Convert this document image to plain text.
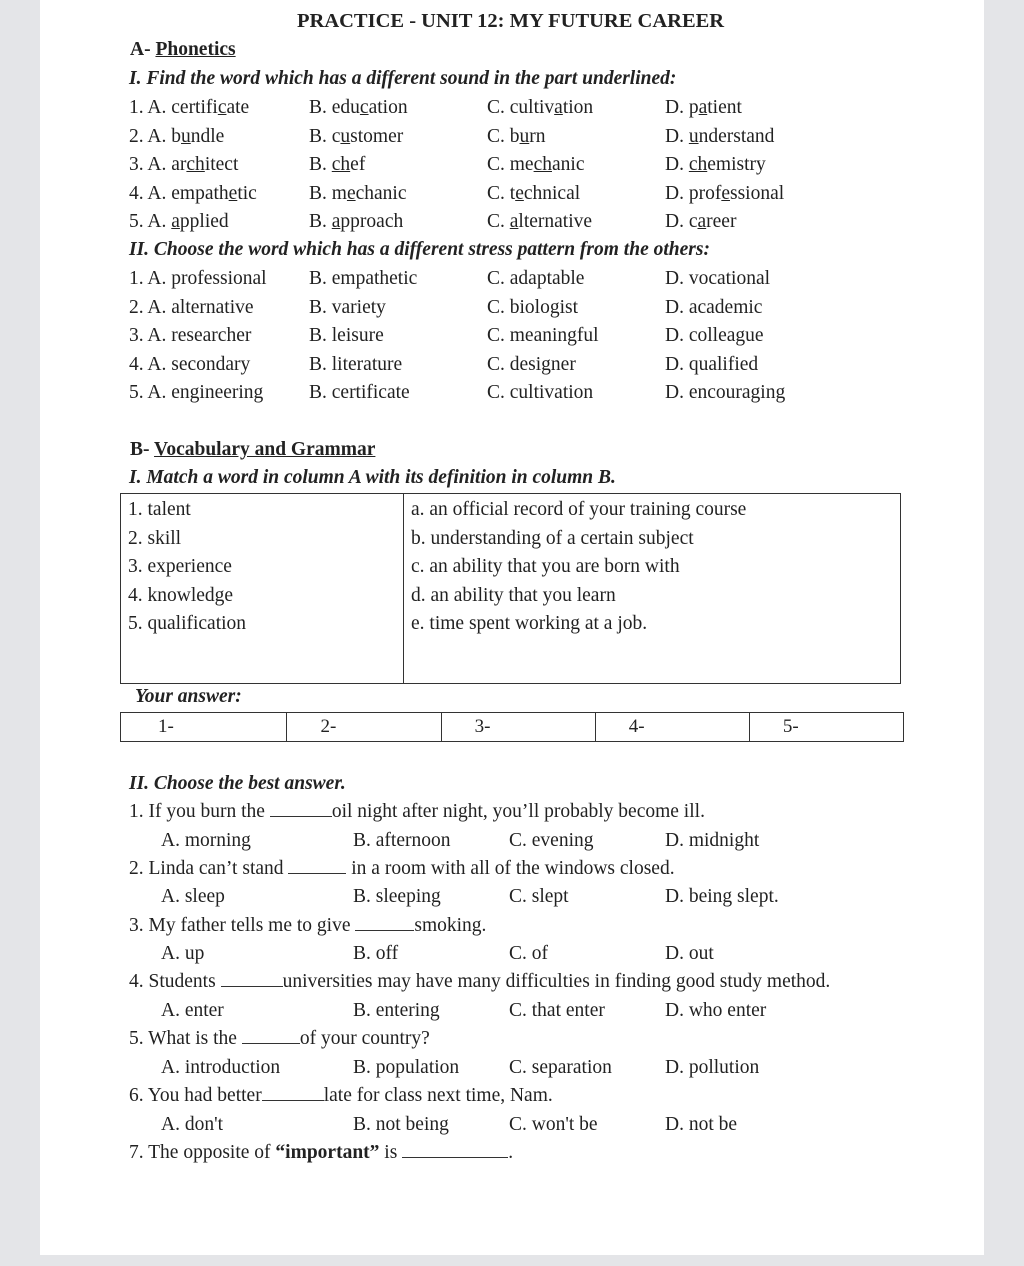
PRACTICE - UNIT 12: MY FUTURE CAREER
A- Phonetics
I. Find the word which has a different sound in the part underlined:
1. A. certificate	B. education	C. cultivation	D. patient
2. A. bundle	B. customer	C. burn	D. understand
3. A. architect	B. chef	C. mechanic	D. chemistry
4. A. empathetic	B. mechanic	C. technical	D. professional
5. A. applied	B. approach	C. alternative	D. career
II. Choose the word which has a different stress pattern from the others:
1. A. professional B. empathetic	C. adaptable	D. vocational
2. A. alternative	B. variety	C. biologist	D. academic
3. A. researcher	B. leisure	C. meaningful	D. colleague
4. A. secondary	B. literature	C. designer	D. qualified
5. A. engineering B. certificate	C. cultivation	D. encouraging
B- Vocabulary and Grammar
I. Match a word in column A with its definition in column B.
1. talent
2. skill
3. experience
4. knowledge
5. qualification

a. an official record of your training course
b. understanding of a certain subject
c. an ability that you are born with
d. an ability that you learn
e. time spent working at a job.
Your answer:
1-	2-	3-	4-	5-
II. Choose the best answer.
1. If you burn the	oil night after night, you’ll probably become ill.
A. morning	B. afternoon	C. evening	D. midnight
2. Linda can’t stand	in a room with all of the windows closed.
A. sleep	B. sleeping	C. slept	D. being slept.
3. My father tells me to give	smoking.
A. up	B. off	C. of	D. out
4. Students	universities may have many difficulties in finding good study method.
A. enter	B. entering	C. that enter	D. who enter
5. What is the	of your country?
A. introduction	B. population	C. separation	D. pollution
6. You had better	late for class next time, Nam.
A. don't	B. not being	C. won't be	D. not be
7. The opposite of “important” is	.
